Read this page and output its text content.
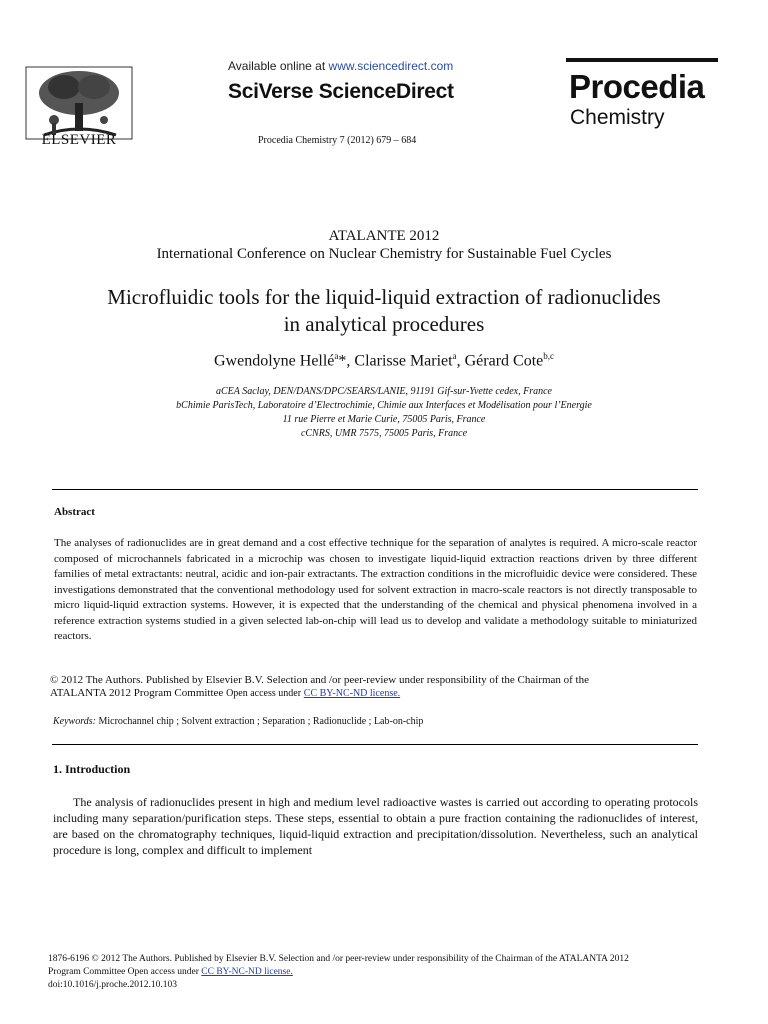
ELSEVIER
Available online at www.sciencedirect.com
SciVerse ScienceDirect
Procedia Chemistry 7 (2012) 679 – 684
Procedia
Chemistry
ATALANTE 2012
International Conference on Nuclear Chemistry for Sustainable Fuel Cycles
Microfluidic tools for the liquid-liquid extraction of radionuclides
in analytical procedures
Gwendolyne Hellé$^a$*, Clarisse Mariet$^a$, Gérard Cote$^{b,c}$
aCEA Saclay, DEN/DANS/DPC/SEARS/LANIE, 91191 Gif-sur-Yvette cedex, France
bChimie ParisTech, Laboratoire d’Electrochimie, Chimie aux Interfaces et Modélisation pour l’Energie
11 rue Pierre et Marie Curie, 75005 Paris, France
cCNRS, UMR 7575, 75005 Paris, France
Abstract
The analyses of radionuclides are in great demand and a cost effective technique for the separation of analytes is required. A micro-scale reactor composed of microchannels fabricated in a microchip was chosen to investigate liquid-liquid extraction reactions driven by three different families of metal extractants: neutral, acidic and ion-pair extractants. The extraction conditions in the microfluidic device were considered. These investigations demonstrated that the conventional methodology used for solvent extraction in macro-scale reactors is not directly transposable to micro liquid-liquid extraction systems. However, it is expected that the understanding of the chemical and physical phenomena involved in a reference extraction systems studied in a given selected lab-on-chip will lead us to develop and validate a methodology suitable to miniaturized reactors.
© 2012 The Authors. Published by Elsevier B.V. Selection and /or peer-review under responsibility of the Chairman of the
ATALANTA 2012 Program Committee Open access under CC BY-NC-ND license.
Keywords: Microchannel chip ; Solvent extraction ; Separation ; Radionuclide ; Lab-on-chip
1. Introduction
The analysis of radionuclides present in high and medium level radioactive wastes is carried out according to operating protocols including many separation/purification steps. These steps, essential to obtain a pure fraction containing the radionuclides of interest, are based on the chromatography techniques, liquid-liquid extraction and precipitation/dissolution. Nevertheless, such an analytical procedure is long, complex and difficult to implement
1876-6196 © 2012 The Authors. Published by Elsevier B.V. Selection and /or peer-review under responsibility of the Chairman of the ATALANTA 2012
Program Committee Open access under CC BY-NC-ND license.
doi:10.1016/j.proche.2012.10.103
